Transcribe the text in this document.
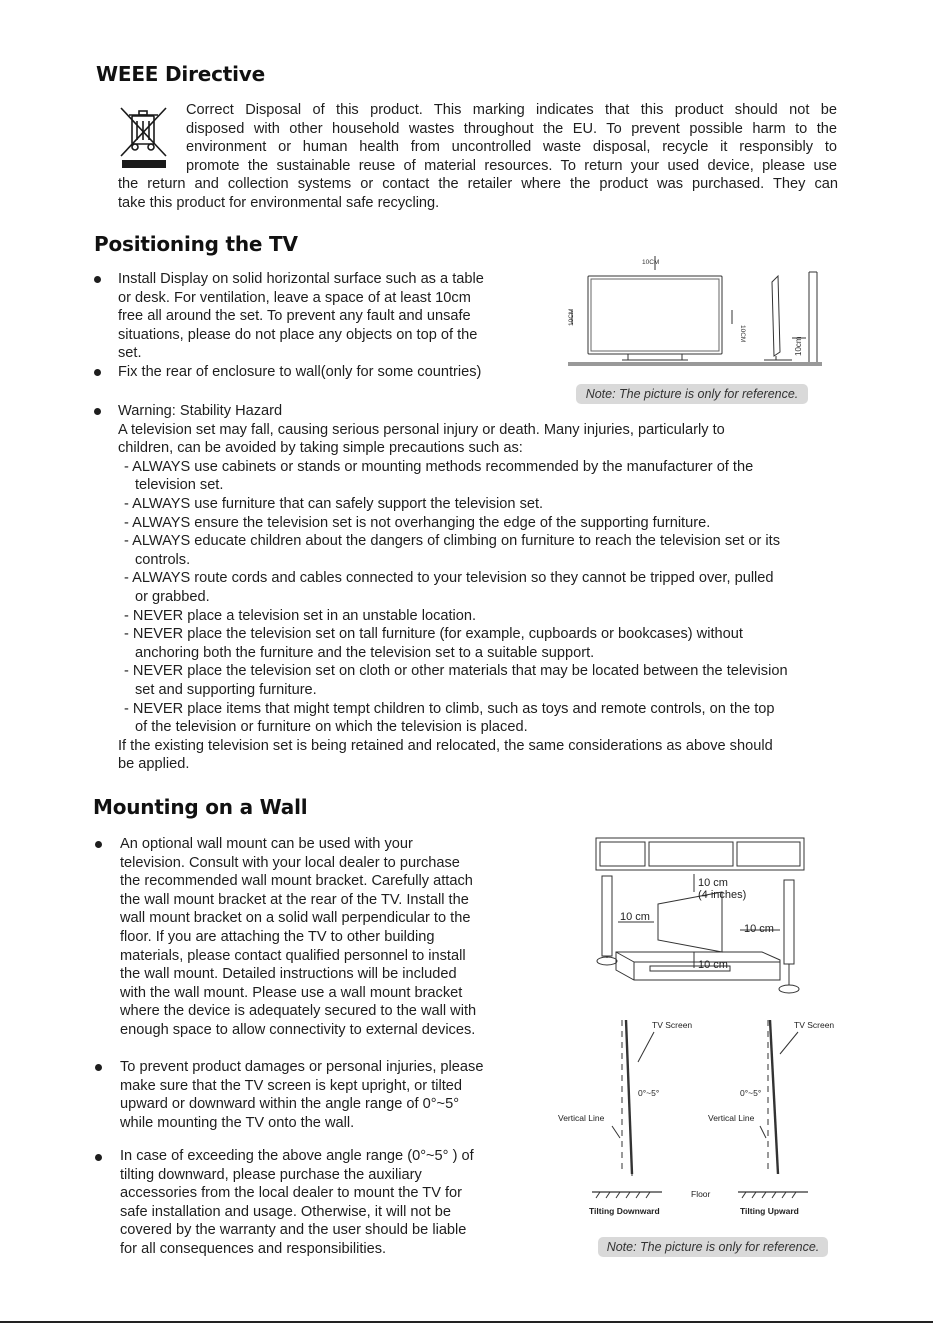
WEEE Directive
Correct Disposal of this product. This marking indicates that this product should not be
disposed with other household wastes throughout the EU. To prevent possible harm to the
environment or human health from uncontrolled waste disposal, recycle it responsibly to
promote the sustainable reuse of material resources. To return your used device, please use
the return and collection systems or contact the retailer where the product was purchased. They can
take this product for environmental safe recycling.
Positioning the TV
Install Display on solid horizontal surface such as a table
or desk. For ventilation, leave a space of at least 10cm
free all around the set. To prevent any fault and unsafe
situations, please do not place any objects on top of the
set.
Fix the rear of enclosure to wall(only for some countries)
10CM
10CM
10CM
10cm
Note: The picture is only for reference.
Warning: Stability Hazard
A television set may fall, causing serious personal injury or death. Many injuries, particularly to
children, can be avoided by taking simple precautions such as:
- ALWAYS use cabinets or stands or mounting methods recommended by the manufacturer of the
television set.
- ALWAYS use furniture that can safely support the television set.
- ALWAYS ensure the television set is not overhanging the edge of the supporting furniture.
- ALWAYS educate children about the dangers of climbing on furniture to reach the television set or its
controls.
- ALWAYS route cords and cables connected to your television so they cannot be tripped over, pulled
or grabbed.
- NEVER place a television set in an unstable location.
- NEVER place the television set on tall furniture (for example, cupboards or bookcases) without
anchoring both the furniture and the television set to a suitable support.
- NEVER place the television set on cloth or other materials that may be located between the television
set and supporting furniture.
- NEVER place items that might tempt children to climb, such as toys and remote controls, on the top
of the television or furniture on which the television is placed.
If the existing television set is being retained and relocated, the same considerations as above should
be applied.
Mounting on a Wall
An optional wall mount can be used with your
television. Consult with your local dealer to purchase
the recommended wall mount bracket. Carefully attach
the wall mount bracket at the rear of the TV. Install the
wall mount bracket on a solid wall perpendicular to the
floor. If you are attaching the TV to other building
materials, please contact qualified personnel to install
the wall mount. Detailed instructions will be included
with the wall mount. Please use a wall mount bracket
where the device is adequately secured to the wall with
enough space to allow connectivity to external devices.
To prevent product damages or personal injuries, please
make sure that the TV screen is kept upright, or tilted
upward or downward within the angle range of 0°~5°
while mounting the TV onto the wall.
In case of exceeding the above angle range (0°~5° ) of
tilting downward, please purchase the auxiliary
accessories from the local dealer to mount the TV for
safe installation and usage. Otherwise, it will not be
covered by the warranty and the user should be liable
for all consequences and responsibilities.
10 cm
(4 inches)
10 cm
10 cm
10 cm
TV Screen	TV Screen
0°~5°	0°~5°
Vertical Line	Vertical Line
Floor
Tilting Downward	Tilting Upward
Note: The picture is only for reference.
